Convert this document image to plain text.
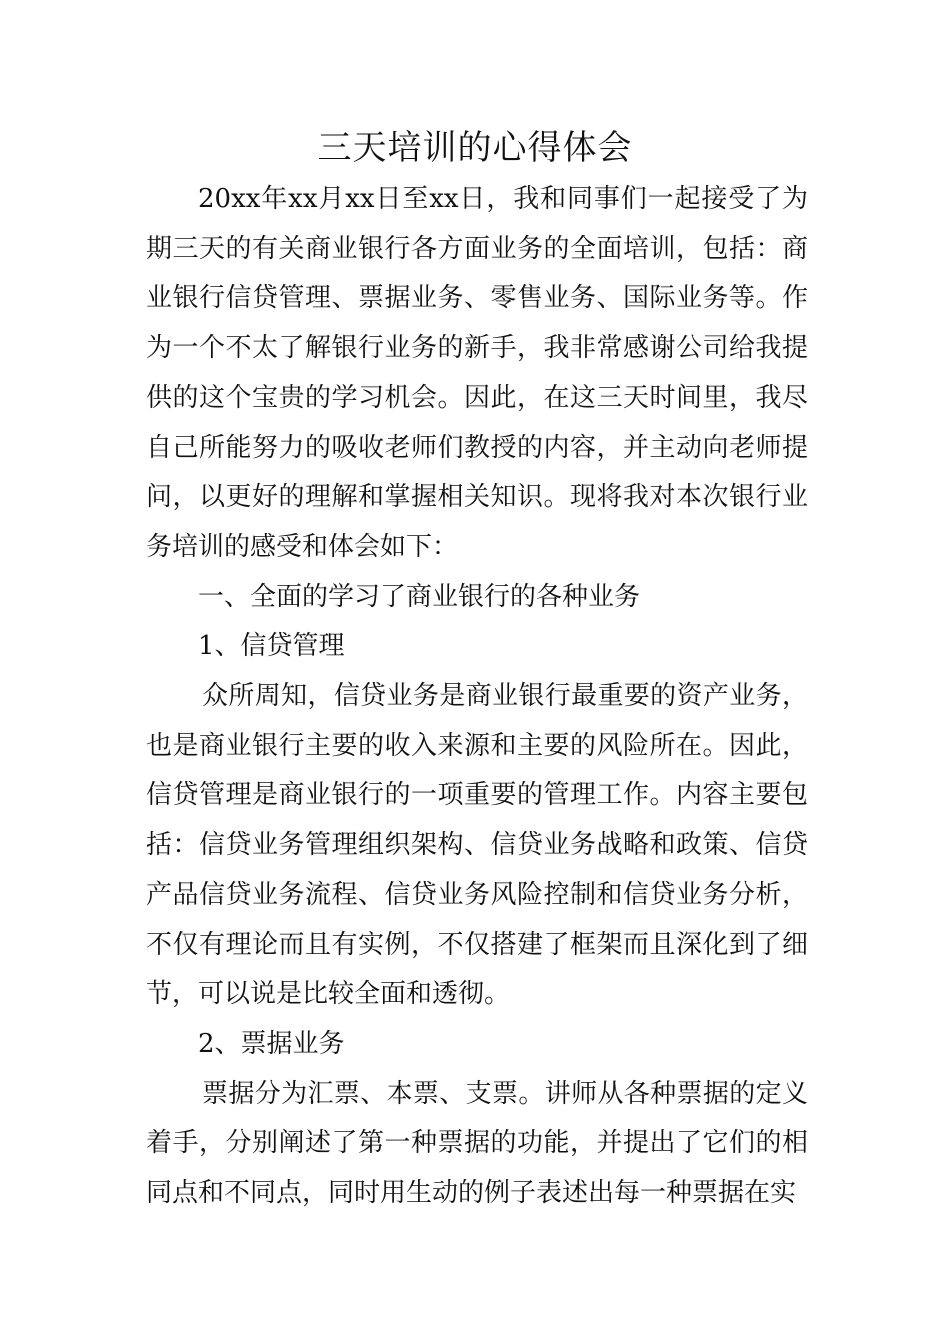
三天培训的心得体会

20xx年xx月xx日至xx日，我和同事们一起接受了为期三天的有关商业银行各方面业务的全面培训，包括：商业银行信贷管理、票据业务、零售业务、国际业务等。作为一个不太了解银行业务的新手，我非常感谢公司给我提供的这个宝贵的学习机会。因此，在这三天时间里，我尽自己所能努力的吸收老师们教授的内容，并主动向老师提问，以更好的理解和掌握相关知识。现将我对本次银行业务培训的感受和体会如下：

一、全面的学习了商业银行的各种业务

1、信贷管理

众所周知，信贷业务是商业银行最重要的资产业务，也是商业银行主要的收入来源和主要的风险所在。因此，信贷管理是商业银行的一项重要的管理工作。内容主要包括：信贷业务管理组织架构、信贷业务战略和政策、信贷产品信贷业务流程、信贷业务风险控制和信贷业务分析，不仅有理论而且有实例，不仅搭建了框架而且深化到了细节，可以说是比较全面和透彻。

2、票据业务

票据分为汇票、本票、支票。讲师从各种票据的定义着手，分别阐述了第一种票据的功能，并提出了它们的相同点和不同点，同时用生动的例子表述出每一种票据在实
